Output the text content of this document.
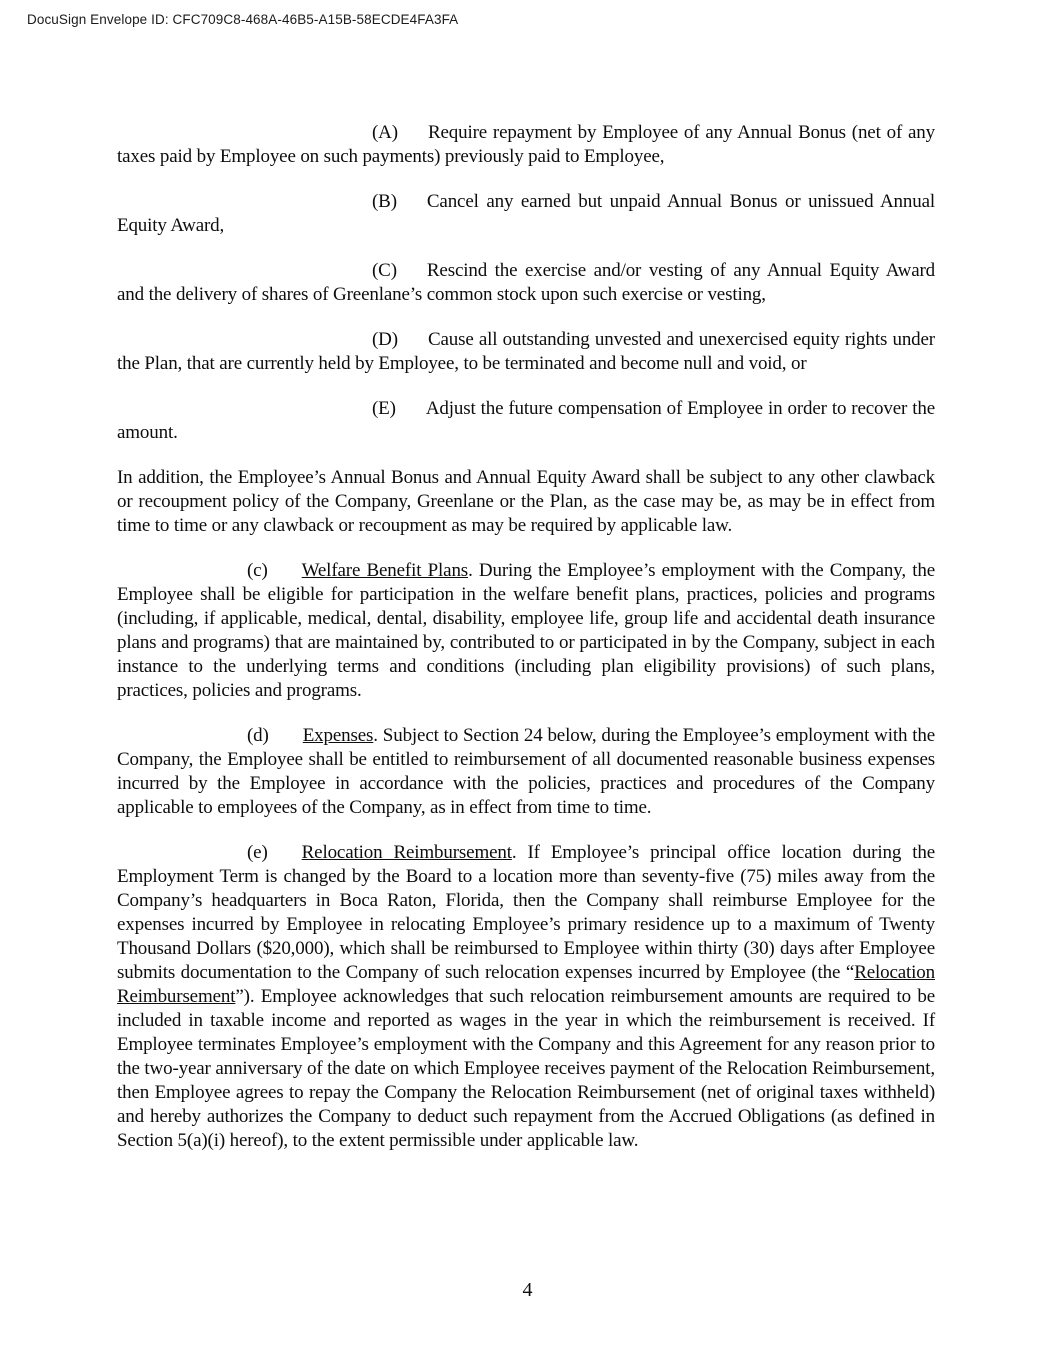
DocuSign Envelope ID: CFC709C8-468A-46B5-A15B-58ECDE4FA3FA

(A) Require repayment by Employee of any Annual Bonus (net of any taxes paid by Employee on such payments) previously paid to Employee,

(B) Cancel any earned but unpaid Annual Bonus or unissued Annual Equity Award,

(C) Rescind the exercise and/or vesting of any Annual Equity Award and the delivery of shares of Greenlane’s common stock upon such exercise or vesting,

(D) Cause all outstanding unvested and unexercised equity rights under the Plan, that are currently held by Employee, to be terminated and become null and void, or

(E) Adjust the future compensation of Employee in order to recover the amount.

In addition, the Employee’s Annual Bonus and Annual Equity Award shall be subject to any other clawback or recoupment policy of the Company, Greenlane or the Plan, as the case may be, as may be in effect from time to time or any clawback or recoupment as may be required by applicable law.

(c) Welfare Benefit Plans. During the Employee’s employment with the Company, the Employee shall be eligible for participation in the welfare benefit plans, practices, policies and programs (including, if applicable, medical, dental, disability, employee life, group life and accidental death insurance plans and programs) that are maintained by, contributed to or participated in by the Company, subject in each instance to the underlying terms and conditions (including plan eligibility provisions) of such plans, practices, policies and programs.

(d) Expenses. Subject to Section 24 below, during the Employee’s employment with the Company, the Employee shall be entitled to reimbursement of all documented reasonable business expenses incurred by the Employee in accordance with the policies, practices and procedures of the Company applicable to employees of the Company, as in effect from time to time.

(e) Relocation Reimbursement. If Employee’s principal office location during the Employment Term is changed by the Board to a location more than seventy-five (75) miles away from the Company’s headquarters in Boca Raton, Florida, then the Company shall reimburse Employee for the expenses incurred by Employee in relocating Employee’s primary residence up to a maximum of Twenty Thousand Dollars ($20,000), which shall be reimbursed to Employee within thirty (30) days after Employee submits documentation to the Company of such relocation expenses incurred by Employee (the “Relocation Reimbursement”). Employee acknowledges that such relocation reimbursement amounts are required to be included in taxable income and reported as wages in the year in which the reimbursement is received. If Employee terminates Employee’s employment with the Company and this Agreement for any reason prior to the two-year anniversary of the date on which Employee receives payment of the Relocation Reimbursement, then Employee agrees to repay the Company the Relocation Reimbursement (net of original taxes withheld) and hereby authorizes the Company to deduct such repayment from the Accrued Obligations (as defined in Section 5(a)(i) hereof), to the extent permissible under applicable law.

4
